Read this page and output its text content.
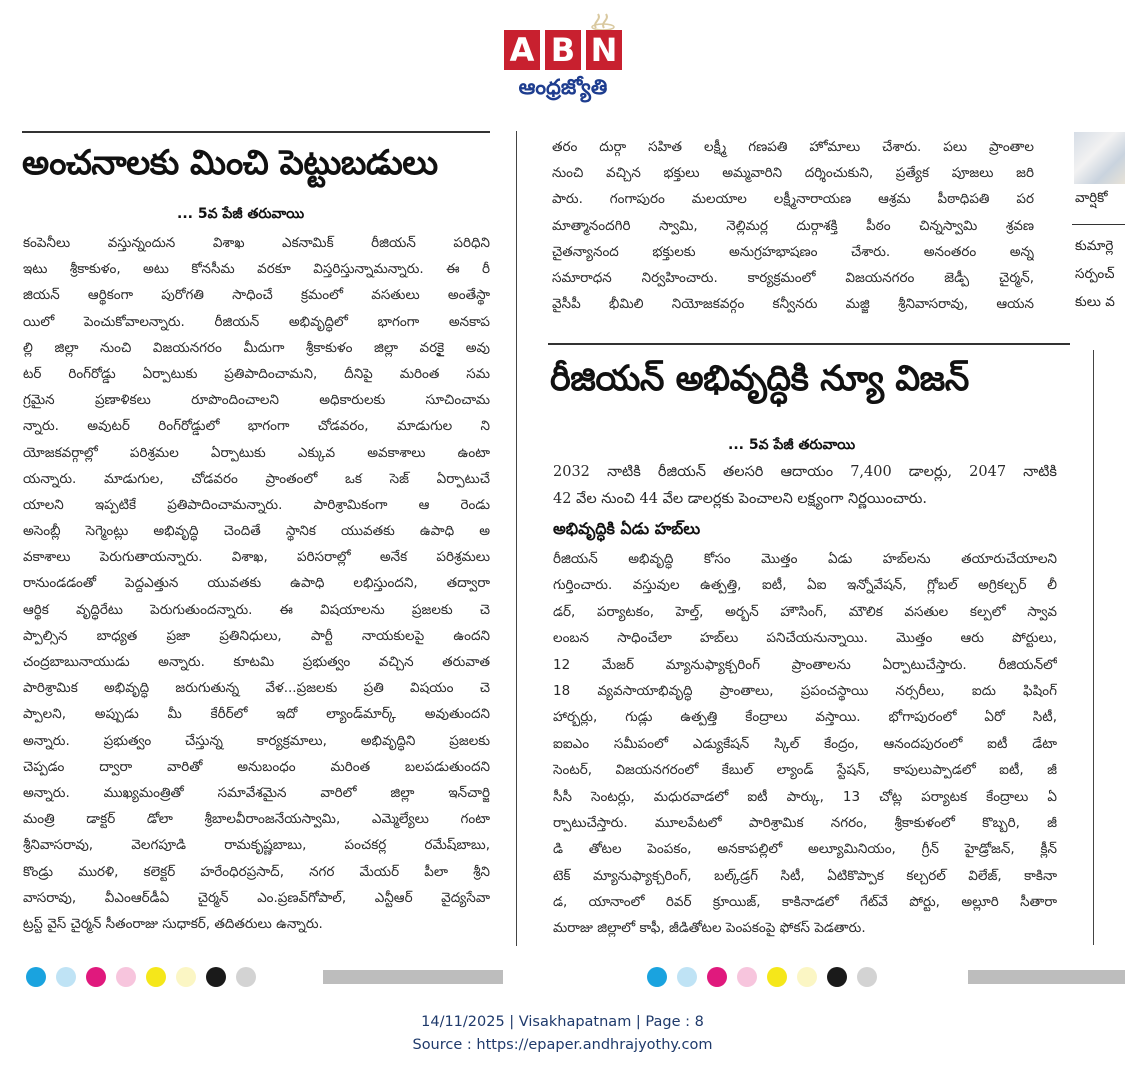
A B N
ఆంధ్రజ్యోతి
అంచనాలకు మించి పెట్టుబడులు
... 5వ పేజీ తరువాయి
కంపెనీలు వస్తున్నందున విశాఖ ఎకనామిక్ రీజియన్ పరిధిని
ఇటు శ్రీకాకుళం, అటు కోనసీమ వరకూ విస్తరిస్తున్నామన్నారు. ఈ రీ
జియన్ ఆర్థికంగా పురోగతి సాధించే క్రమంలో వసతులు అంతేస్థా
యిలో పెంచుకోవాలన్నారు. రీజియన్ అభివృద్ధిలో భాగంగా అనకాప
ల్లి జిల్లా నుంచి విజయనగరం మీదుగా శ్రీకాకుళం జిల్లా వరకైౖ అవు
టర్ రింగ్‌రోడ్డు ఏర్పాటుకు ప్రతిపాదించామని, దీనిపై మరింత సమ
గ్రమైన ప్రణాళికలు రూపొందించాలని అధికారులకు సూచించామ
న్నారు. అవుటర్ రింగ్‌రోడ్డులో భాగంగా చోడవరం, మాడుగుల ని
యోజకవర్గాల్లో పరిశ్రమల ఏర్పాటుకు ఎక్కువ అవకాశాలు ఉంటా
యన్నారు. మాడుగుల, చోడవరం ప్రాంతంలో ఒక సెజ్ ఏర్పాటుచే
యాలని ఇప్పటికే ప్రతిపాదించామన్నారు. పారిశ్రామికంగా ఆ రెండు
అసెంబ్లీ సెగ్మెంట్లు అభివృద్ధి చెందితే స్థానిక యువతకు ఉపాధి అ
వకాశాలు పెరుగుతాయన్నారు. విశాఖ, పరిసరాల్లో అనేక పరిశ్రమలు
రానుండడంతో పెద్దఎత్తున యువతకు ఉపాధి లభిస్తుందని, తద్వారా
ఆర్థిక వృద్ధిరేటు పెరుగుతుందన్నారు. ఈ విషయాలను ప్రజలకు చె
ప్పాల్సిన బాధ్యత ప్రజా ప్రతినిధులు, పార్టీ నాయకులపై ఉందని
చంద్రబాబునాయుడు అన్నారు. కూటమి ప్రభుత్వం వచ్చిన తరువాత
పారిశ్రామిక అభివృద్ధి జరుగుతున్న వేళ...ప్రజలకు ప్రతి విషయం చె
ప్పాలని, అప్పుడు మీ కేరీర్‌లో ఇదో ల్యాండ్‌మార్క్ అవుతుందని
అన్నారు. ప్రభుత్వం చేస్తున్న కార్యక్రమాలు, అభివృద్ధిని ప్రజలకు
చెప్పడం ద్వారా వారితో అనుబంధం మరింత బలపడుతుందని
అన్నారు. ముఖ్యమంత్రితో సమావేశమైన వారిలో జిల్లా ఇన్‌చార్జి
మంత్రి డాక్టర్ డోలా శ్రీబాలవీరాంజనేయస్వామి, ఎమ్మెల్యేలు గంటా
శ్రీనివాసరావు, వెలగపూడి రామకృష్ణబాబు, పంచకర్ల రమేష్‌బాబు,
కొండ్రు మురళి, కలెక్టర్ హరేంధిరప్రసాద్, నగర మేయర్ పీలా శ్రీని
వాసరావు, వీఎంఆర్‌డీఏ చైర్మన్ ఎం.ప్రణవ్‌గోపాల్, ఎన్టీఆర్ వైద్యసేవా
ట్రస్ట్ వైస్ చైర్మన్ సీతంరాజు సుధాకర్, తదితరులు ఉన్నారు.
తరం దుర్గా సహిత లక్ష్మీ గణపతి హోమాలు చేశారు. పలు ప్రాంతాల
నుంచి వచ్చిన భక్తులు అమ్మవారిని దర్శించుకుని, ప్రత్యేక పూజలు జరి
పారు. గంగాపురం మలయాల లక్ష్మీనారాయణ ఆశ్రమ పీఠాధిపతి పర
మాత్మానందగిరి స్వామి, నెల్లిమర్ల దుర్గాశక్తి పీఠం చిన్నస్వామి శ్రవణ
చైతన్యానంద భక్తులకు అనుగ్రహభాషణం చేశారు. అనంతరం అన్న
సమారాధన నిర్వహించారు. కార్యక్రమంలో విజయనగరం జెడ్పీ చైర్మన్,
వైసీపీ భీమిలి నియోజకవర్గం కన్వీనరు మజ్జి శ్రీనివాసరావు, ఆయన
రీజియన్ అభివృద్ధికి న్యూ విజన్
... 5వ పేజీ తరువాయి
2032 నాటికి రీజియన్ తలసరి ఆదాయం 7,400 డాలర్లు, 2047 నాటికి
42 వేల నుంచి 44 వేల డాలర్లకు పెంచాలని లక్ష్యంగా నిర్ణయించారు.
అభివృద్ధికి ఏడు హబ్‌లు
రీజియన్ అభివృద్ధి కోసం మొత్తం ఏడు హబ్‌లను తయారుచేయాలని
గుర్తించారు. వస్తువుల ఉత్పత్తి, ఐటీ, ఏఐ ఇన్నోవేషన్, గ్లోబల్ అగ్రికల్చర్ లీ
డర్, పర్యాటకం, హెల్త్, అర్బన్ హౌసింగ్, మౌలిక వసతుల కల్పలో స్వావ
లంబన సాధించేలా హబ్‌లు పనిచేయనున్నాయి. మొత్తం ఆరు పోర్టులు,
12 మేజర్ మ్యానుఫ్యాక్చరింగ్ ప్రాంతాలను ఏర్పాటుచేస్తారు. రీజియన్‌లో
18 వ్యవసాయాభివృద్ధి ప్రాంతాలు, ప్రపంచస్థాయి నర్సరీలు, ఐదు ఫిషింగ్
హార్బర్లు, గుడ్లు ఉత్పత్తి కేంద్రాలు వస్తాయి. భోగాపురంలో ఏరో సిటీ,
ఐఐఎం సమీపంలో ఎడ్యుకేషన్ స్కిల్ కేంద్రం, ఆనందపురంలో ఐటీ డేటా
సెంటర్, విజయనగరంలో కేబుల్ ల్యాండ్ స్టేషన్, కాపులుప్పాడలో ఐటీ, జీ
సీసీ సెంటర్లు, మధురవాడలో ఐటీ పార్కు, 13 చోట్ల పర్యాటక కేంద్రాలు ఏ
ర్పాటుచేస్తారు. మూలపేటలో పారిశ్రామిక నగరం, శ్రీకాకుళంలో కొబ్బరి, జీ
డి తోటల పెంపకం, అనకాపల్లిలో అల్యూమినియం, గ్రీన్ హైడ్రోజన్, క్లీన్
టెక్ మ్యానుఫ్యాక్చరింగ్, బల్క్‌డ్రగ్ సిటీ, ఏటికొప్పాక కల్చరల్ విలేజ్, కాకినా
డ, యానాంలో రివర్ క్రూయిజ్, కాకినాడలో గేట్‌వే పోర్టు, అల్లూరి సీతారా
మరాజు జిల్లాలో కాఫీ, జీడితోటల పెంపకంపై ఫోకస్ పెడతారు.
వార్షికో
కుమార్లె
సర్పంచ్
కులు వ
14/11/2025 | Visakhapatnam | Page : 8
Source : https://epaper.andhrajyothy.com
